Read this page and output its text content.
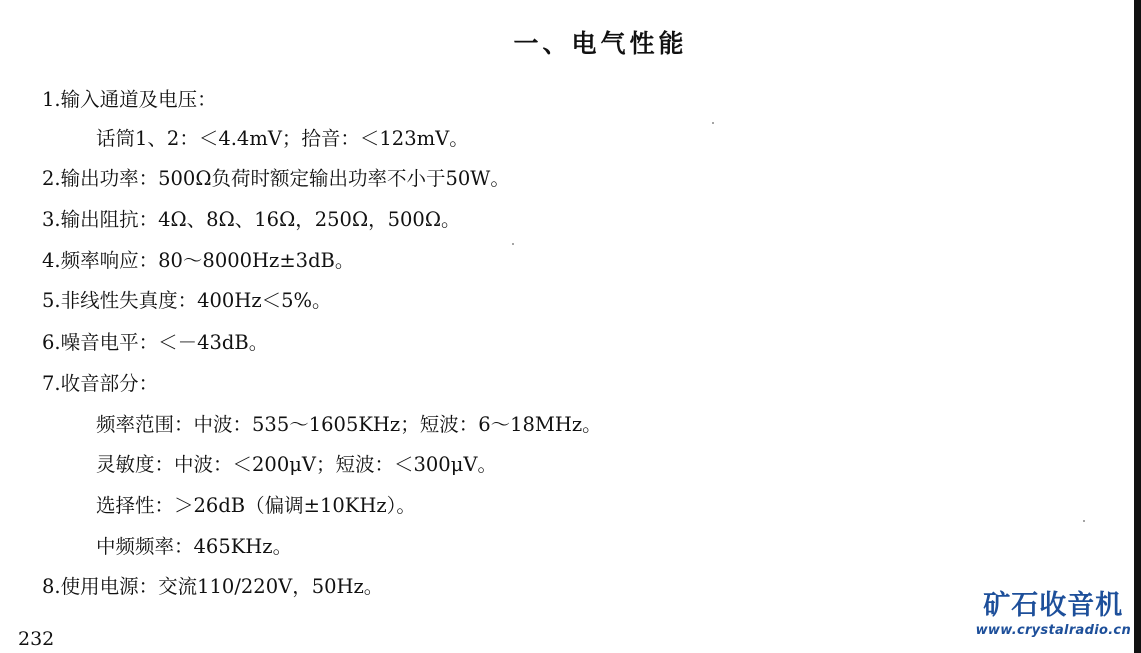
一、电气性能
1.输入通道及电压：
话筒1、2：＜4.4mV；拾音：＜123mV。
2.输出功率：500Ω负荷时额定输出功率不小于50W。
3.输出阻抗：4Ω、8Ω、16Ω，250Ω，500Ω。
4.频率响应：80～8000Hz±3dB。
5.非线性失真度：400Hz＜5%。
6.噪音电平：＜－43dB。
7.收音部分：
频率范围：中波：535～1605KHz；短波：6～18MHz。
灵敏度：中波：＜200μV；短波：＜300μV。
选择性：＞26dB（偏调±10KHz）。
中频频率：465KHz。
8.使用电源：交流110/220V，50Hz。
232
矿石收音机
www.crystalradio.cn
